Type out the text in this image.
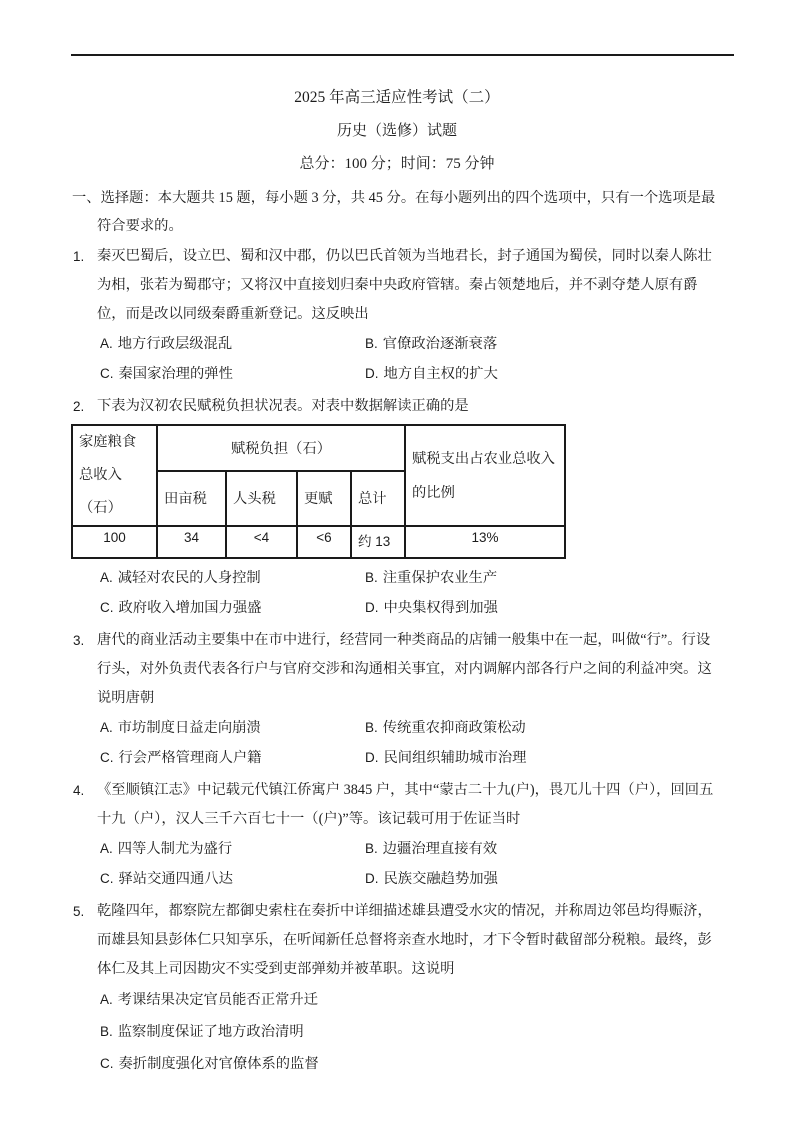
2025 年高三适应性考试（二）
历史（选修）试题
总分：100 分；时间：75 分钟
一、选择题：本大题共 15 题，每小题 3 分，共 45 分。在每小题列出的四个选项中，只有一个选项是最符合要求的。
1. 秦灭巴蜀后，设立巴、蜀和汉中郡，仍以巴氏首领为当地君长，封子通国为蜀侯，同时以秦人陈壮为相，张若为蜀郡守；又将汉中直接划归秦中央政府管辖。秦占领楚地后，并不剥夺楚人原有爵位，而是改以同级秦爵重新登记。这反映出
A. 地方行政层级混乱	B. 官僚政治逐渐衰落
C. 秦国家治理的弹性	D. 地方自主权的扩大
2. 下表为汉初农民赋税负担状况表。对表中数据解读正确的是
家庭粮食总收入（石）	赋税负担（石）				赋税支出占农业总收入的比例
	田亩税	人头税	更赋	总计	
100	34	<4	<6	约 13	13%
A. 减轻对农民的人身控制	B. 注重保护农业生产
C. 政府收入增加国力强盛	D. 中央集权得到加强
3. 唐代的商业活动主要集中在市中进行，经营同一种类商品的店铺一般集中在一起，叫做“行”。行设行头，对外负责代表各行户与官府交涉和沟通相关事宜，对内调解内部各行户之间的利益冲突。这说明唐朝
A. 市坊制度日益走向崩溃	B. 传统重农抑商政策松动
C. 行会严格管理商人户籍	D. 民间组织辅助城市治理
4. 《至顺镇江志》中记载元代镇江侨寓户 3845 户，其中“蒙古二十九(户)，畏兀儿十四（户），回回五十九（户），汉人三千六百七十一（(户)”等。该记载可用于佐证当时
A. 四等人制尤为盛行	B. 边疆治理直接有效
C. 驿站交通四通八达	D. 民族交融趋势加强
5. 乾隆四年，都察院左都御史索柱在奏折中详细描述雄县遭受水灾的情况，并称周边邻邑均得赈济，而雄县知县彭体仁只知享乐，在听闻新任总督将亲查水地时，才下令暂时截留部分税粮。最终，彭体仁及其上司因勘灾不实受到吏部弹劾并被革职。这说明
A. 考课结果决定官员能否正常升迁
B. 监察制度保证了地方政治清明
C. 奏折制度强化对官僚体系的监督
